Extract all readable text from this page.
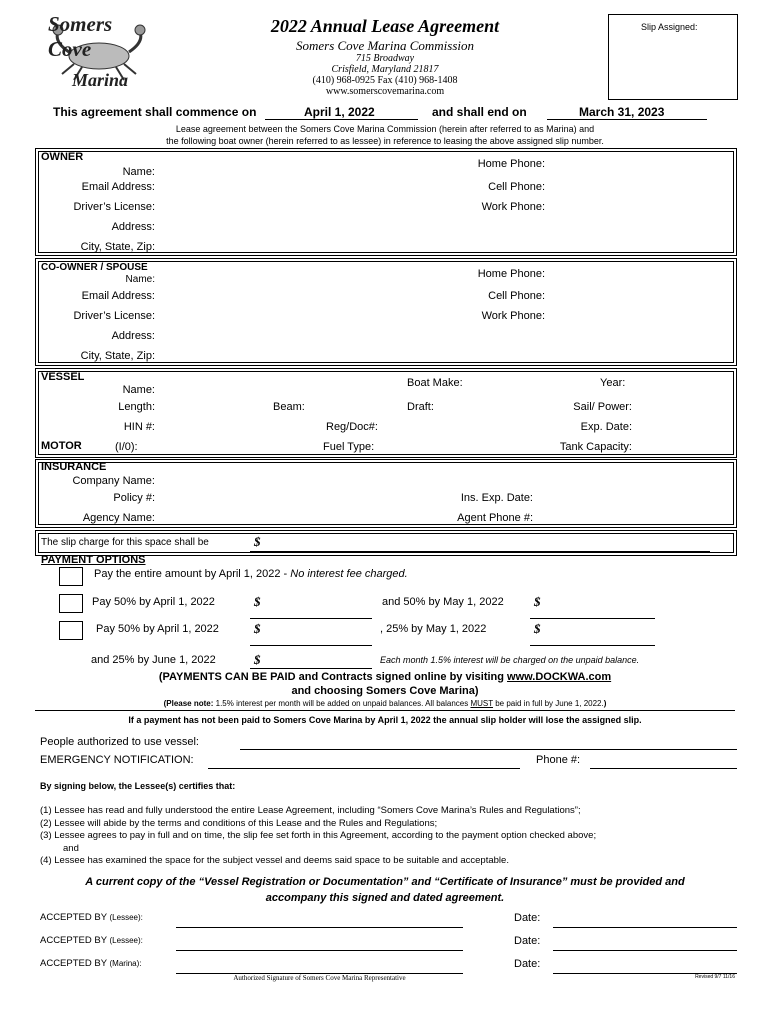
Somers Cove
Marina
2022 Annual Lease Agreement
Somers Cove Marina Commission
715 Broadway
Crisfield, Maryland 21817
(410) 968-0925 Fax (410) 968-1408
www.somerscovemarina.com
Slip Assigned:
This agreement shall commence on	April 1, 2022	and shall end on	March 31, 2023
Lease agreement between the Somers Cove Marina Commission (herein after referred to as Marina) and
the following boat owner (herein referred to as lessee) in reference to leasing the above assigned slip number.
OWNER
Name:
Email Address:
Driver’s License:
Address:
City, State, Zip:
Home Phone:
Cell Phone:
Work Phone:
CO-OWNER / SPOUSE
Name:
Email Address:
Driver’s License:
Address:
City, State, Zip:
Home Phone:
Cell Phone:
Work Phone:
VESSEL
Name:
Boat Make:	Year:
Length:	Beam:	Draft:	Sail/ Power:
HIN #:	Reg/Doc#:	Exp. Date:
MOTOR	(I/0):	Fuel Type:	Tank Capacity:
INSURANCE
Company Name:
Policy #:	Ins. Exp. Date:
Agency Name:	Agent Phone #:
The slip charge for this space shall be	$
PAYMENT OPTIONS
Pay the entire amount by April 1, 2022 - No interest fee charged.
Pay 50% by April 1, 2022	$	and 50% by May 1, 2022 $
Pay 50% by April 1, 2022	$	, 25% by May 1, 2022	$
and 25% by June 1, 2022	$	Each month 1.5% interest will be charged on the unpaid balance.
(PAYMENTS CAN BE PAID and Contracts signed online by visiting www.DOCKWA.com
and choosing Somers Cove Marina)
(Please note: 1.5% interest per month will be added on unpaid balances. All balances MUST be paid in full by June 1, 2022.)
If a payment has not been paid to Somers Cove Marina by April 1, 2022 the annual slip holder will lose the assigned slip.
People authorized to use vessel:
EMERGENCY NOTIFICATION:	Phone #:
By signing below, the Lessee(s) certifies that:
(1) Lessee has read and fully understood the entire Lease Agreement, including “Somers Cove Marina’s Rules and Regulations”;
(2) Lessee will abide by the terms and conditions of this Lease and the Rules and Regulations;
(3) Lessee agrees to pay in full and on time, the slip fee set forth in this Agreement, according to the payment option checked above;
and
(4) Lessee has examined the space for the subject vessel and deems said space to be suitable and acceptable.
A current copy of the “Vessel Registration or Documentation” and “Certificate of Insurance” must be provided and
accompany this signed and dated agreement.
ACCEPTED BY (Lessee):	Date:
ACCEPTED BY (Lessee):	Date:
ACCEPTED BY (Marina):	Date:
Authorized Signature of Somers Cove Marina Representative	Revised 9/7 11/16
